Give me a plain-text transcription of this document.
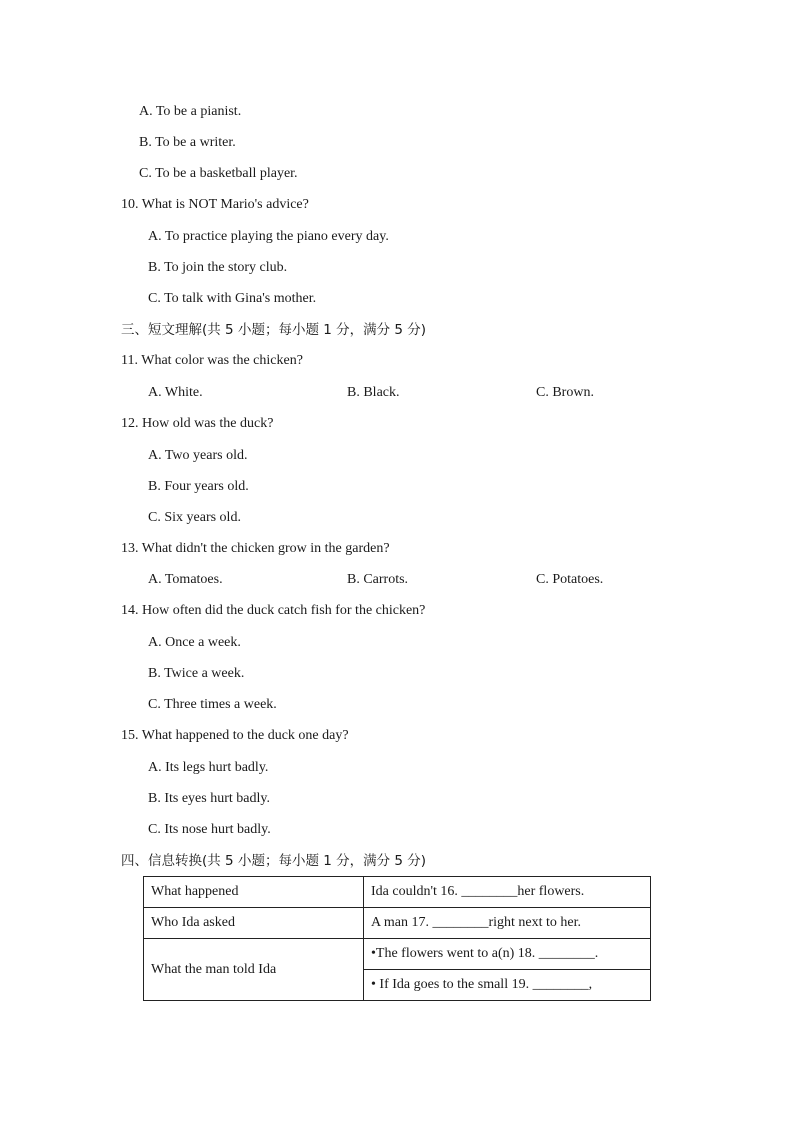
A. To be a pianist.
B. To be a writer.
C. To be a basketball player.
10. What is NOT Mario's advice?
A. To practice playing the piano every day.
B. To join the story club.
C. To talk with Gina's mother.
三、短文理解(共 5 小题；每小题 1 分，满分 5 分)
11. What color was the chicken?
A. White.	B. Black.	C. Brown.
12. How old was the duck?
A. Two years old.
B. Four years old.
C. Six years old.
13. What didn't the chicken grow in the garden?
A. Tomatoes.	B. Carrots.	C. Potatoes.
14. How often did the duck catch fish for the chicken?
A. Once a week.
B. Twice a week.
C. Three times a week.
15. What happened to the duck one day?
A. Its legs hurt badly.
B. Its eyes hurt badly.
C. Its nose hurt badly.
四、信息转换(共 5 小题；每小题 1 分，满分 5 分)
What happened	Ida couldn't 16. ________her flowers.
Who Ida asked	A man 17. ________right next to her.
What the man told Ida	•The flowers went to a(n) 18. ________.
	• If Ida goes to the small 19. ________,
